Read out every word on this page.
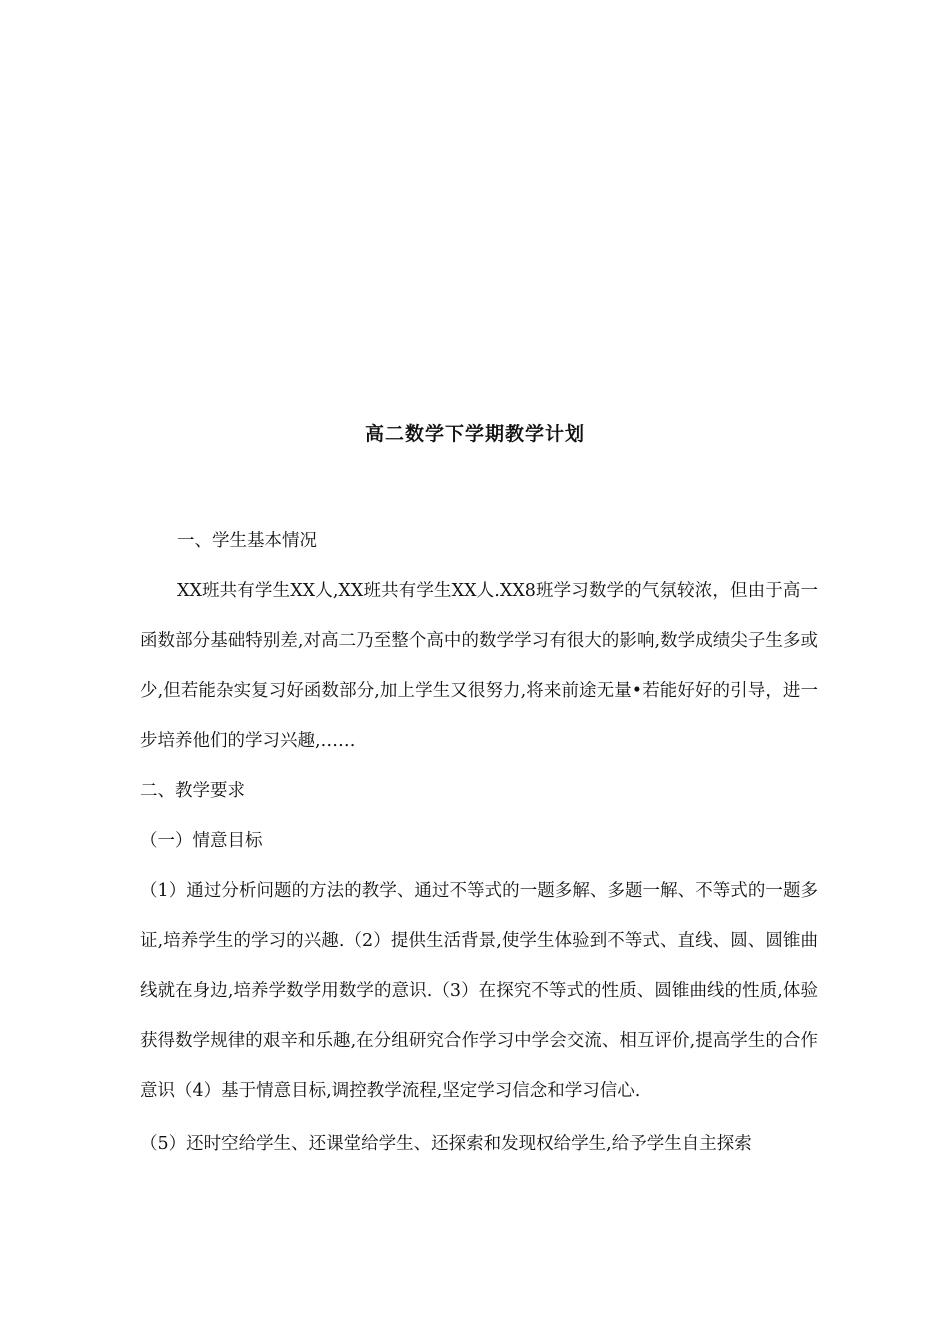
高二数学下学期教学计划

一、学生基本情况

XX班共有学生XX人,XX班共有学生XX人.XX8班学习数学的气氛较浓，但由于高一函数部分基础特别差,对高二乃至整个高中的数学学习有很大的影响,数学成绩尖子生多或少,但若能杂实复习好函数部分,加上学生又很努力,将来前途无量•若能好好的引导，进一步培养他们的学习兴趣,……

二、教学要求

（一）情意目标

（1）通过分析问题的方法的教学、通过不等式的一题多解、多题一解、不等式的一题多证,培养学生的学习的兴趣.（2）提供生活背景,使学生体验到不等式、直线、圆、圆锥曲线就在身边,培养学数学用数学的意识.（3）在探究不等式的性质、圆锥曲线的性质,体验获得数学规律的艰辛和乐趣,在分组研究合作学习中学会交流、相互评价,提高学生的合作意识（4）基于情意目标,调控教学流程,坚定学习信念和学习信心.

（5）还时空给学生、还课堂给学生、还探索和发现权给学生,给予学生自主探索
